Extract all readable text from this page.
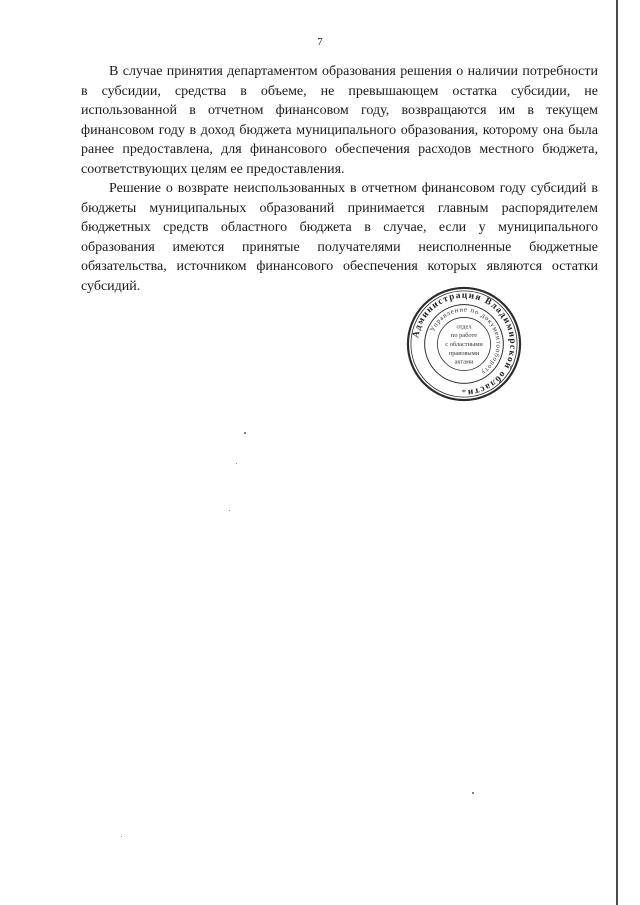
7

В случае принятия департаментом образования решения о наличии потребности в субсидии, средства в объеме, не превышающем остатка субсидии, не использованной в отчетном финансовом году, возвращаются им в текущем финансовом году в доход бюджета муниципального образования, которому она была ранее предоставлена, для финансового обеспечения расходов местного бюджета, соответствующих целям ее предоставления.

Решение о возврате неиспользованных в отчетном финансовом году субсидий в бюджеты муниципальных образований принимается главным распорядителем бюджетных средств областного бюджета в случае, если у муниципального образования имеются принятые получателями неисполненные бюджетные обязательства, источником финансового обеспечения которых являются остатки субсидий.

Администрация Владимирской области
Управление по документообороту
отдел
по работе
с областными
правовыми
актами
*
